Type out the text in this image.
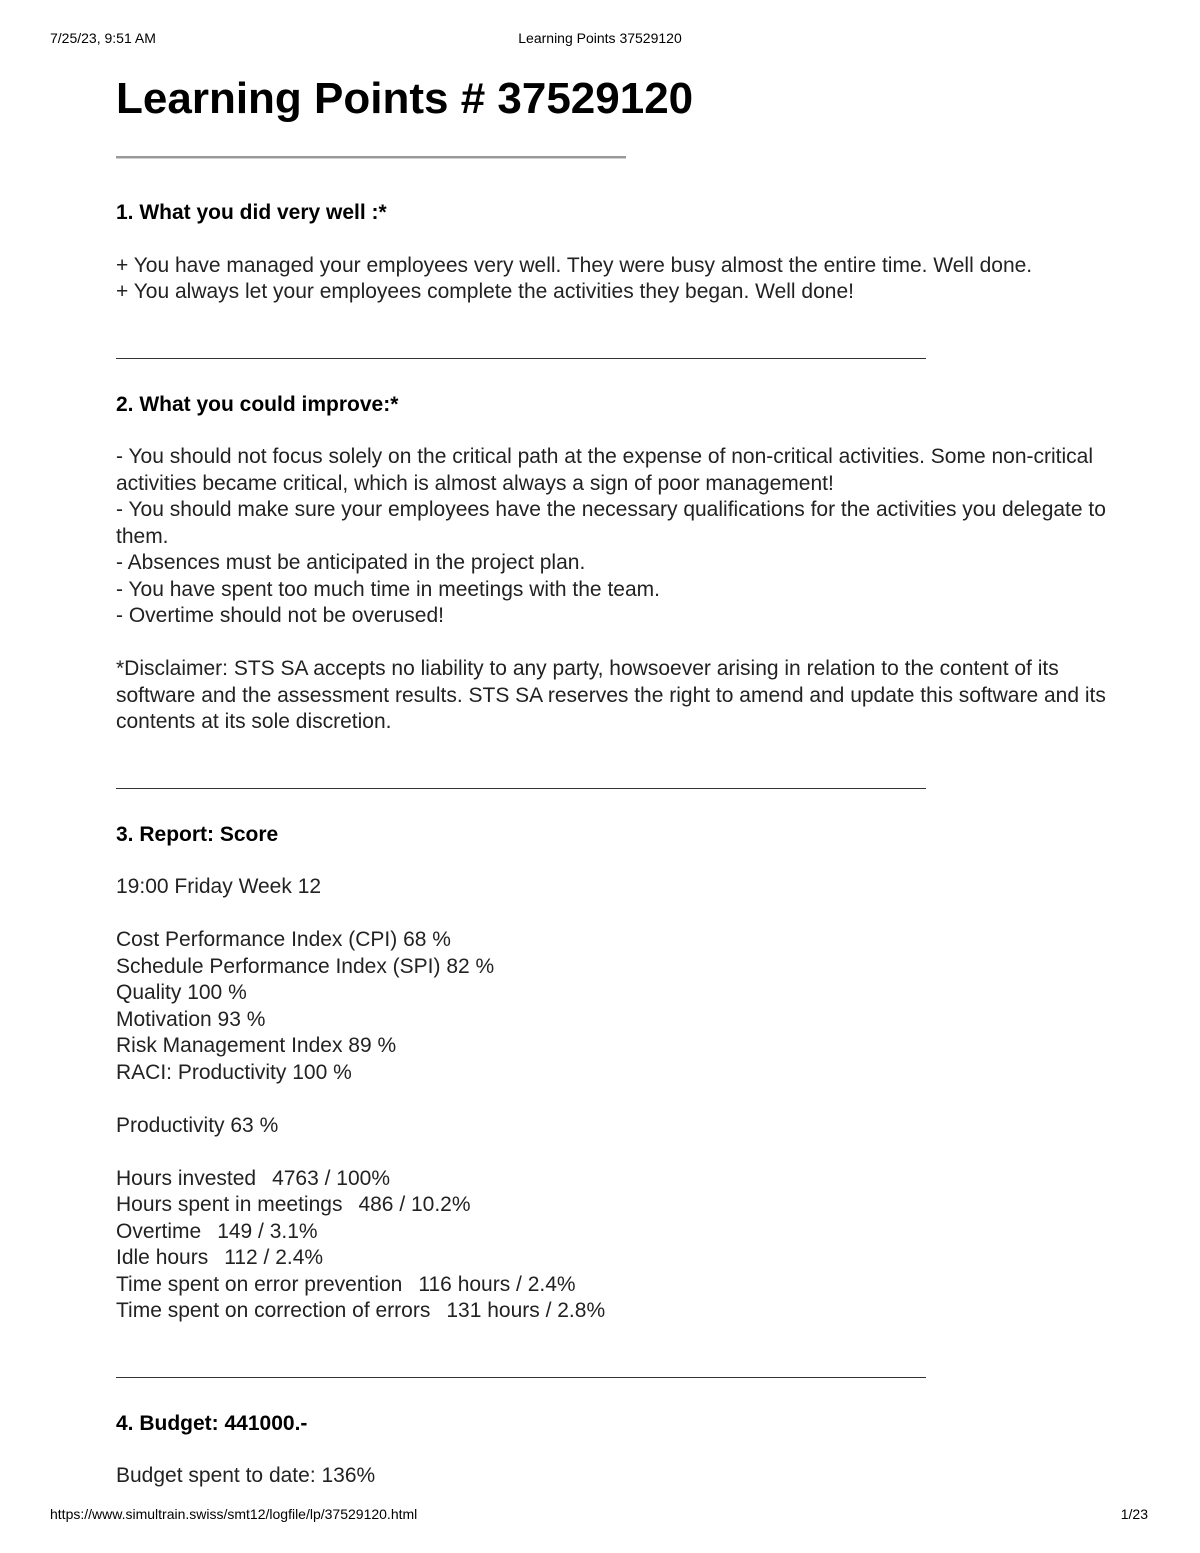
7/25/23, 9:51 AM	Learning Points 37529120
Learning Points # 37529120

1. What you did very well :*

+ You have managed your employees very well. They were busy almost the entire time. Well done.

+ You always let your employees complete the activities they began. Well done!

2. What you could improve:*

- You should not focus solely on the critical path at the expense of non-critical activities. Some non-critical activities became critical, which is almost always a sign of poor management!

- You should make sure your employees have the necessary qualifications for the activities you delegate to them.

- Absences must be anticipated in the project plan.

- You have spent too much time in meetings with the team.

- Overtime should not be overused!

*Disclaimer: STS SA accepts no liability to any party, howsoever arising in relation to the content of its software and the assessment results. STS SA reserves the right to amend and update this software and its contents at its sole discretion.

3. Report: Score

19:00 Friday Week 12

Cost Performance Index (CPI) 68 %

Schedule Performance Index (SPI) 82 %

Quality 100 %

Motivation 93 %

Risk Management Index 89 %

RACI: Productivity 100 %

Productivity 63 %

Hours invested 4763 / 100%

Hours spent in meetings 486 / 10.2%

Overtime 149 / 3.1%

Idle hours 112 / 2.4%

Time spent on error prevention 116 hours / 2.4%

Time spent on correction of errors 131 hours / 2.8%

4. Budget: 441000.-

Budget spent to date: 136%

https://www.simultrain.swiss/smt12/logfile/lp/37529120.html	1/23
